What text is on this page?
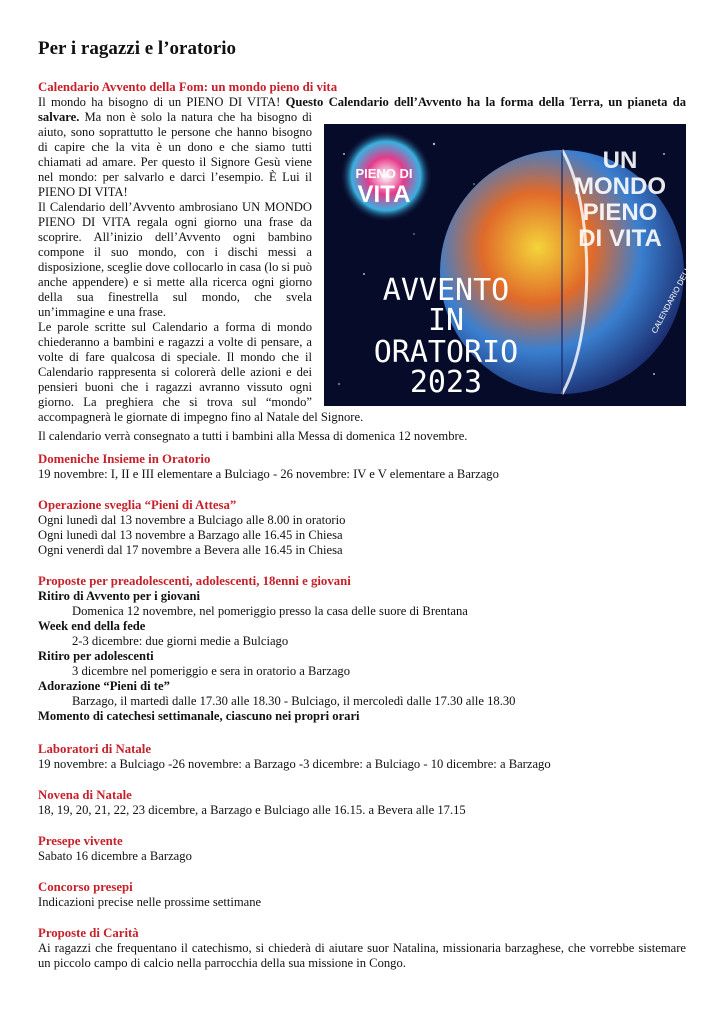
Per i ragazzi e l’oratorio
Calendario Avvento della Fom: un mondo pieno di vita
Il mondo ha bisogno di un PIENO DI VITA! Questo Calendario dell’Avvento ha la forma della Terra, un pianeta da salvare.
PIENO DI
VITA
UN
MONDO
PIENO
DI VITA
CALENDARIO
AVVENTO
IN
ORATORIO
2023
Ma non è solo la natura che ha bisogno di aiuto, sono soprattutto le persone che hanno bisogno di capire che la vita è un dono e che siamo tutti chiamati ad amare. Per questo il Signore Gesù viene nel mondo: per salvarlo e darci l’esempio. È Lui il PIENO DI VITA!
Il Calendario dell’Avvento ambrosiano UN MONDO PIENO DI VITA regala ogni giorno una frase da scoprire. All’inizio dell’Avvento ogni bambino compone il suo mondo, con i dischi messi a disposizione, sceglie dove collocarlo in casa (lo si può anche appendere) e si mette alla ricerca ogni giorno della sua finestrella sul mondo, che svela un’immagine e una frase.
Le parole scritte sul Calendario a forma di mondo chiederanno a bambini e ragazzi a volte di pensare, a volte di fare qualcosa di speciale. Il mondo che il Calendario rappresenta si colorerà delle azioni e dei pensieri buoni che i ragazzi avranno vissuto ogni giorno. La preghiera che si trova sul “mondo” accompagnerà le giornate di impegno fino al Natale del Signore.
Il calendario verrà consegnato a tutti i bambini alla Messa di domenica 12 novembre.
Domeniche Insieme in Oratorio
19 novembre: I, II e III elementare a Bulciago - 26 novembre: IV e V elementare a Barzago
Operazione sveglia “Pieni di Attesa”
Ogni lunedì dal 13 novembre a Bulciago alle 8.00 in oratorio
Ogni lunedì dal 13 novembre a Barzago alle 16.45 in Chiesa
Ogni venerdì dal 17 novembre a Bevera alle 16.45 in Chiesa
Proposte per preadolescenti, adolescenti, 18enni e giovani
Ritiro di Avvento per i giovani
Domenica 12 novembre, nel pomeriggio presso la casa delle suore di Brentana
Week end della fede
2-3 dicembre: due giorni medie a Bulciago
Ritiro per adolescenti
3 dicembre nel pomeriggio e sera in oratorio a Barzago
Adorazione “Pieni di te”
Barzago, il martedì dalle 17.30 alle 18.30 - Bulciago, il mercoledì dalle 17.30 alle 18.30
Momento di catechesi settimanale, ciascuno nei propri orari
Laboratori di Natale
19 novembre: a Bulciago -26 novembre: a Barzago -3 dicembre: a Bulciago - 10 dicembre: a Barzago
Novena di Natale
18, 19, 20, 21, 22, 23 dicembre, a Barzago e Bulciago alle 16.15. a Bevera alle 17.15
Presepe vivente
Sabato 16 dicembre a Barzago
Concorso presepi
Indicazioni precise nelle prossime settimane
Proposte di Carità
Ai ragazzi che frequentano il catechismo, si chiederà di aiutare suor Natalina, missionaria barzaghese, che vorrebbe sistemare un piccolo campo di calcio nella parrocchia della sua missione in Congo.
